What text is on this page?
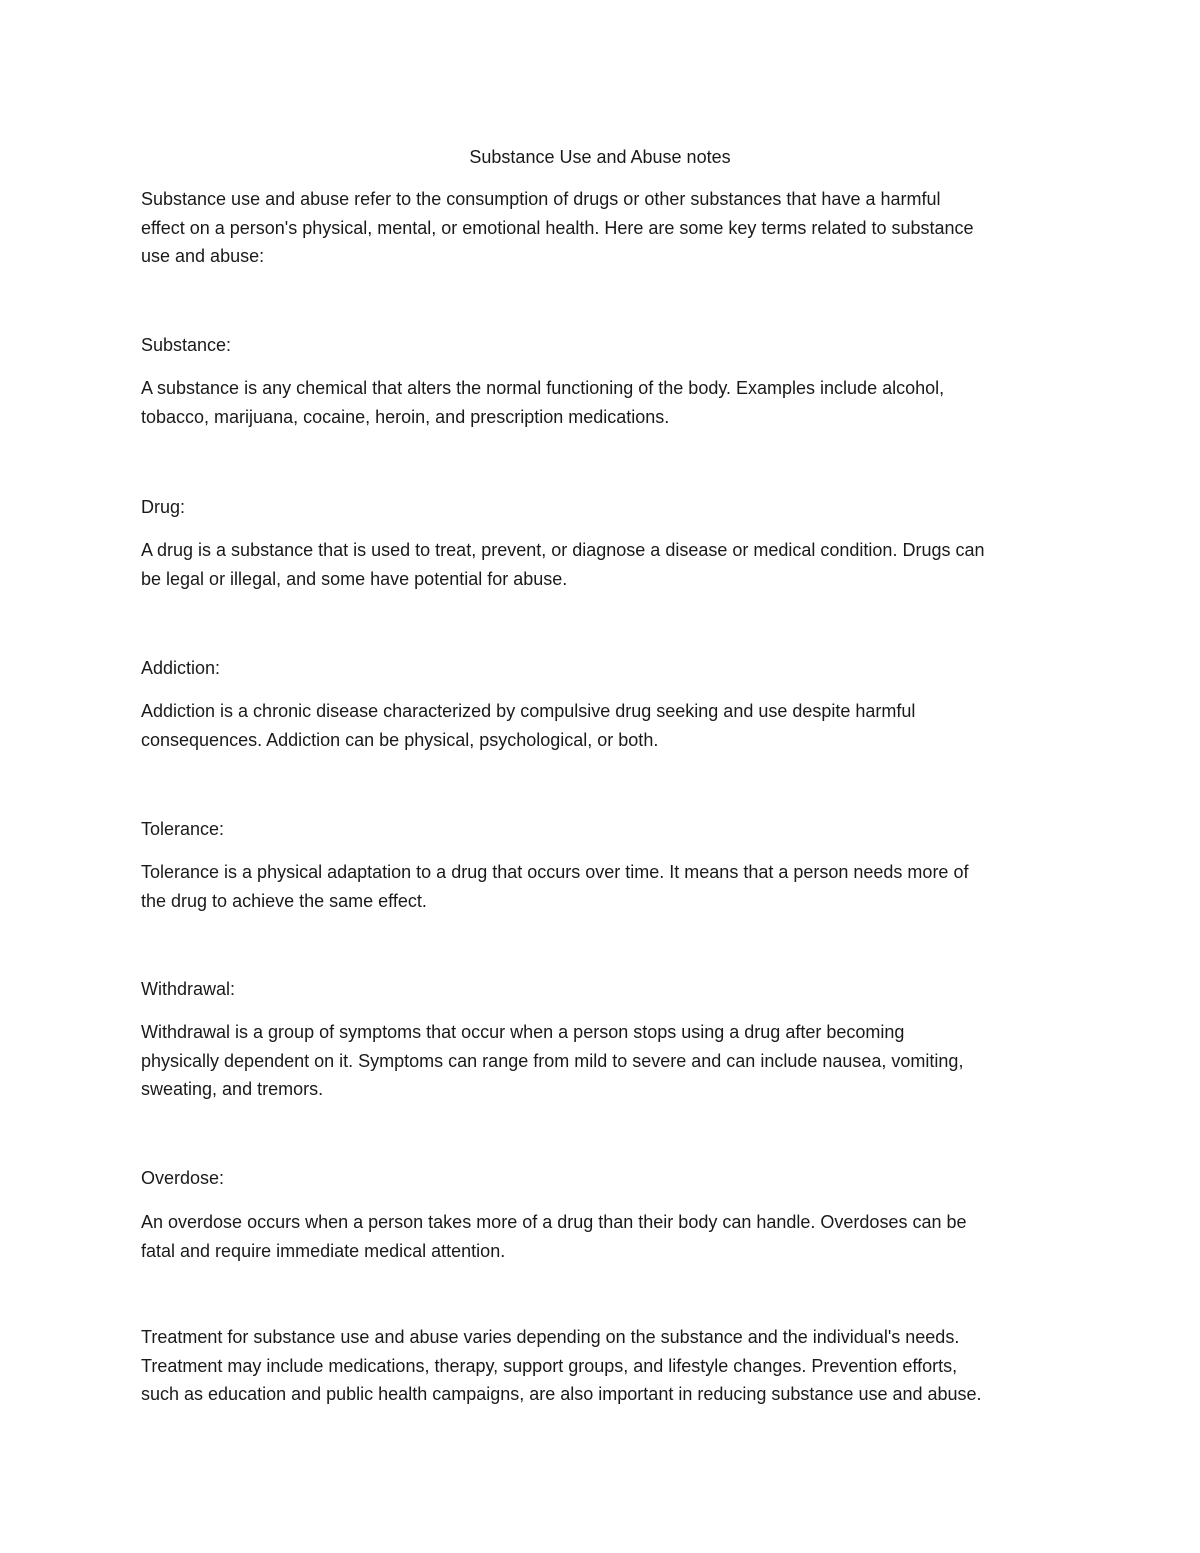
Substance Use and Abuse notes

Substance use and abuse refer to the consumption of drugs or other substances that have a harmful
effect on a person's physical, mental, or emotional health. Here are some key terms related to substance
use and abuse:

Substance:

A substance is any chemical that alters the normal functioning of the body. Examples include alcohol,
tobacco, marijuana, cocaine, heroin, and prescription medications.

Drug:

A drug is a substance that is used to treat, prevent, or diagnose a disease or medical condition. Drugs can
be legal or illegal, and some have potential for abuse.

Addiction:

Addiction is a chronic disease characterized by compulsive drug seeking and use despite harmful
consequences. Addiction can be physical, psychological, or both.

Tolerance:

Tolerance is a physical adaptation to a drug that occurs over time. It means that a person needs more of
the drug to achieve the same effect.

Withdrawal:

Withdrawal is a group of symptoms that occur when a person stops using a drug after becoming
physically dependent on it. Symptoms can range from mild to severe and can include nausea, vomiting,
sweating, and tremors.

Overdose:

An overdose occurs when a person takes more of a drug than their body can handle. Overdoses can be
fatal and require immediate medical attention.

Treatment for substance use and abuse varies depending on the substance and the individual's needs.
Treatment may include medications, therapy, support groups, and lifestyle changes. Prevention efforts,
such as education and public health campaigns, are also important in reducing substance use and abuse.
